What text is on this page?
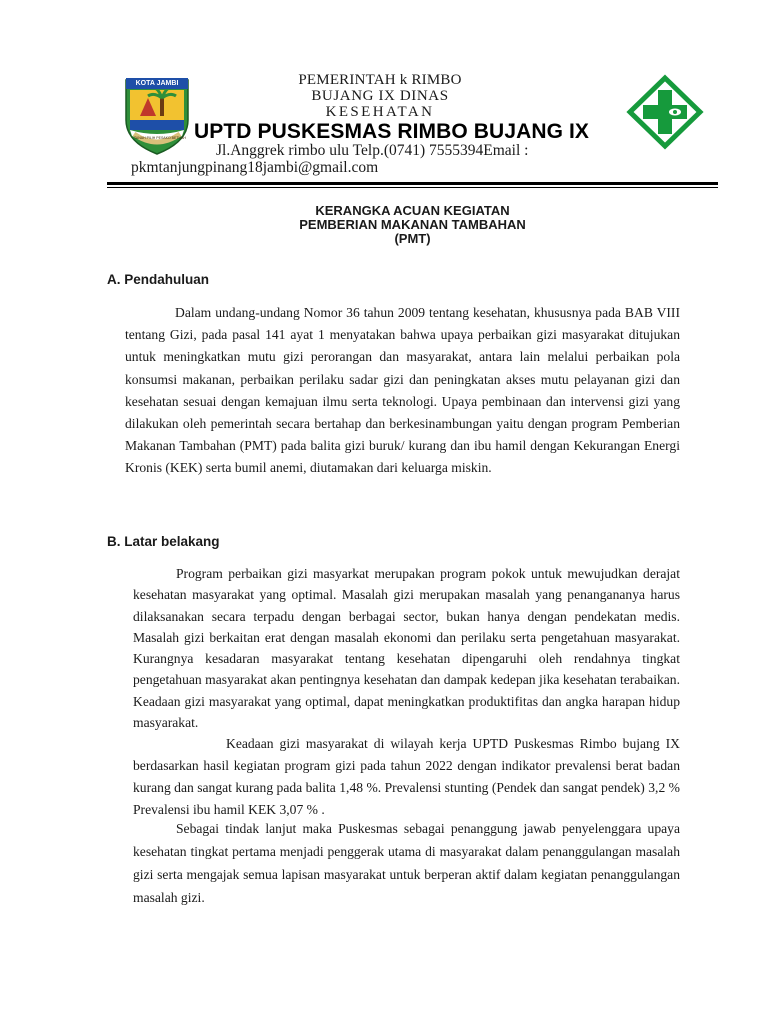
KOTA JAMBI
TANAH PILIH PESAKO BETUAH
PEMERINTAH k RIMBO
BUJANG IX DINAS
KESEHATAN
UPTD PUSKESMAS RIMBO BUJANG IX
Jl.Anggrek rimbo ulu Telp.(0741) 7555394Email :
pkmtanjungpinang18jambi@gmail.com
KERANGKA ACUAN KEGIATAN
PEMBERIAN MAKANAN TAMBAHAN
(PMT)
A. Pendahuluan

Dalam undang-undang Nomor 36 tahun 2009 tentang kesehatan, khususnya pada BAB VIII tentang Gizi, pada pasal 141 ayat 1 menyatakan bahwa upaya perbaikan gizi masyarakat ditujukan untuk meningkatkan mutu gizi perorangan dan masyarakat, antara lain melalui perbaikan pola konsumsi makanan, perbaikan perilaku sadar gizi dan peningkatan akses mutu pelayanan gizi dan kesehatan sesuai dengan kemajuan ilmu serta teknologi. Upaya pembinaan dan intervensi gizi yang dilakukan oleh pemerintah secara bertahap dan berkesinambungan yaitu dengan program Pemberian Makanan Tambahan (PMT) pada balita gizi buruk/ kurang dan ibu hamil dengan Kekurangan Energi Kronis (KEK) serta bumil anemi, diutamakan dari keluarga miskin.

B. Latar belakang

Program perbaikan gizi masyarkat merupakan program pokok untuk mewujudkan derajat kesehatan masyarakat yang optimal. Masalah gizi merupakan masalah yang penangananya harus dilaksanakan secara terpadu dengan berbagai sector, bukan hanya dengan pendekatan medis. Masalah gizi berkaitan erat dengan masalah ekonomi dan perilaku serta pengetahuan masyarakat. Kurangnya kesadaran masyarakat tentang kesehatan dipengaruhi oleh rendahnya tingkat pengetahuan masyarakat akan pentingnya kesehatan dan dampak kedepan jika kesehatan terabaikan. Keadaan gizi masyarakat yang optimal, dapat meningkatkan produktifitas dan angka harapan hidup masyarakat.

Keadaan gizi masyarakat di wilayah kerja UPTD Puskesmas Rimbo bujang IX berdasarkan hasil kegiatan program gizi pada tahun 2022 dengan indikator prevalensi berat badan kurang dan sangat kurang pada balita 1,48 %. Prevalensi stunting (Pendek dan sangat pendek) 3,2 % Prevalensi ibu hamil KEK 3,07 % .

Sebagai tindak lanjut maka Puskesmas sebagai penanggung jawab penyelenggara upaya kesehatan tingkat pertama menjadi penggerak utama di masyarakat dalam penanggulangan masalah gizi serta mengajak semua lapisan masyarakat untuk berperan aktif dalam kegiatan penanggulangan masalah gizi.
